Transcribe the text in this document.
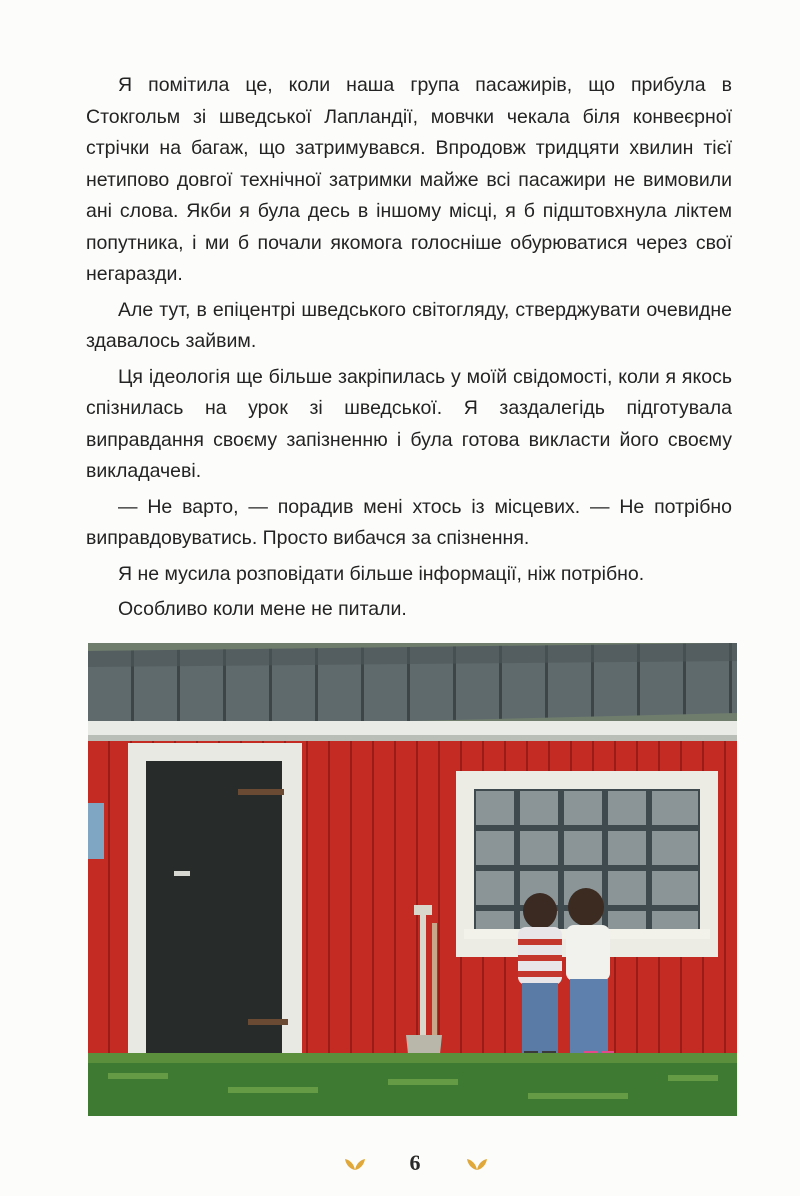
Я помітила це, коли наша група пасажирів, що прибула в Стокгольм зі шведської Лапландії, мовчки чекала біля конвеєрної стрічки на багаж, що затримувався. Впродовж тридцяти хвилин тієї нетипово довгої технічної затримки майже всі пасажири не вимовили ані слова. Якби я була десь в іншому місці, я б підштовхнула ліктем попутника, і ми б почали якомога голосніше обурюватися через свої негаразди.

Але тут, в епіцентрі шведського світогляду, стверджувати очевидне здавалось зайвим.

Ця ідеологія ще більше закріпилась у моїй свідомості, коли я якось спізнилась на урок зі шведської. Я заздалегідь підготувала виправдання своєму запізненню і була готова викласти його своєму викладачеві.

— Не варто, — порадив мені хтось із місцевих. — Не потрібно виправдовуватись. Просто вибачся за спізнення.

Я не мусила розповідати більше інформації, ніж потрібно.

Особливо коли мене не питали.

6
